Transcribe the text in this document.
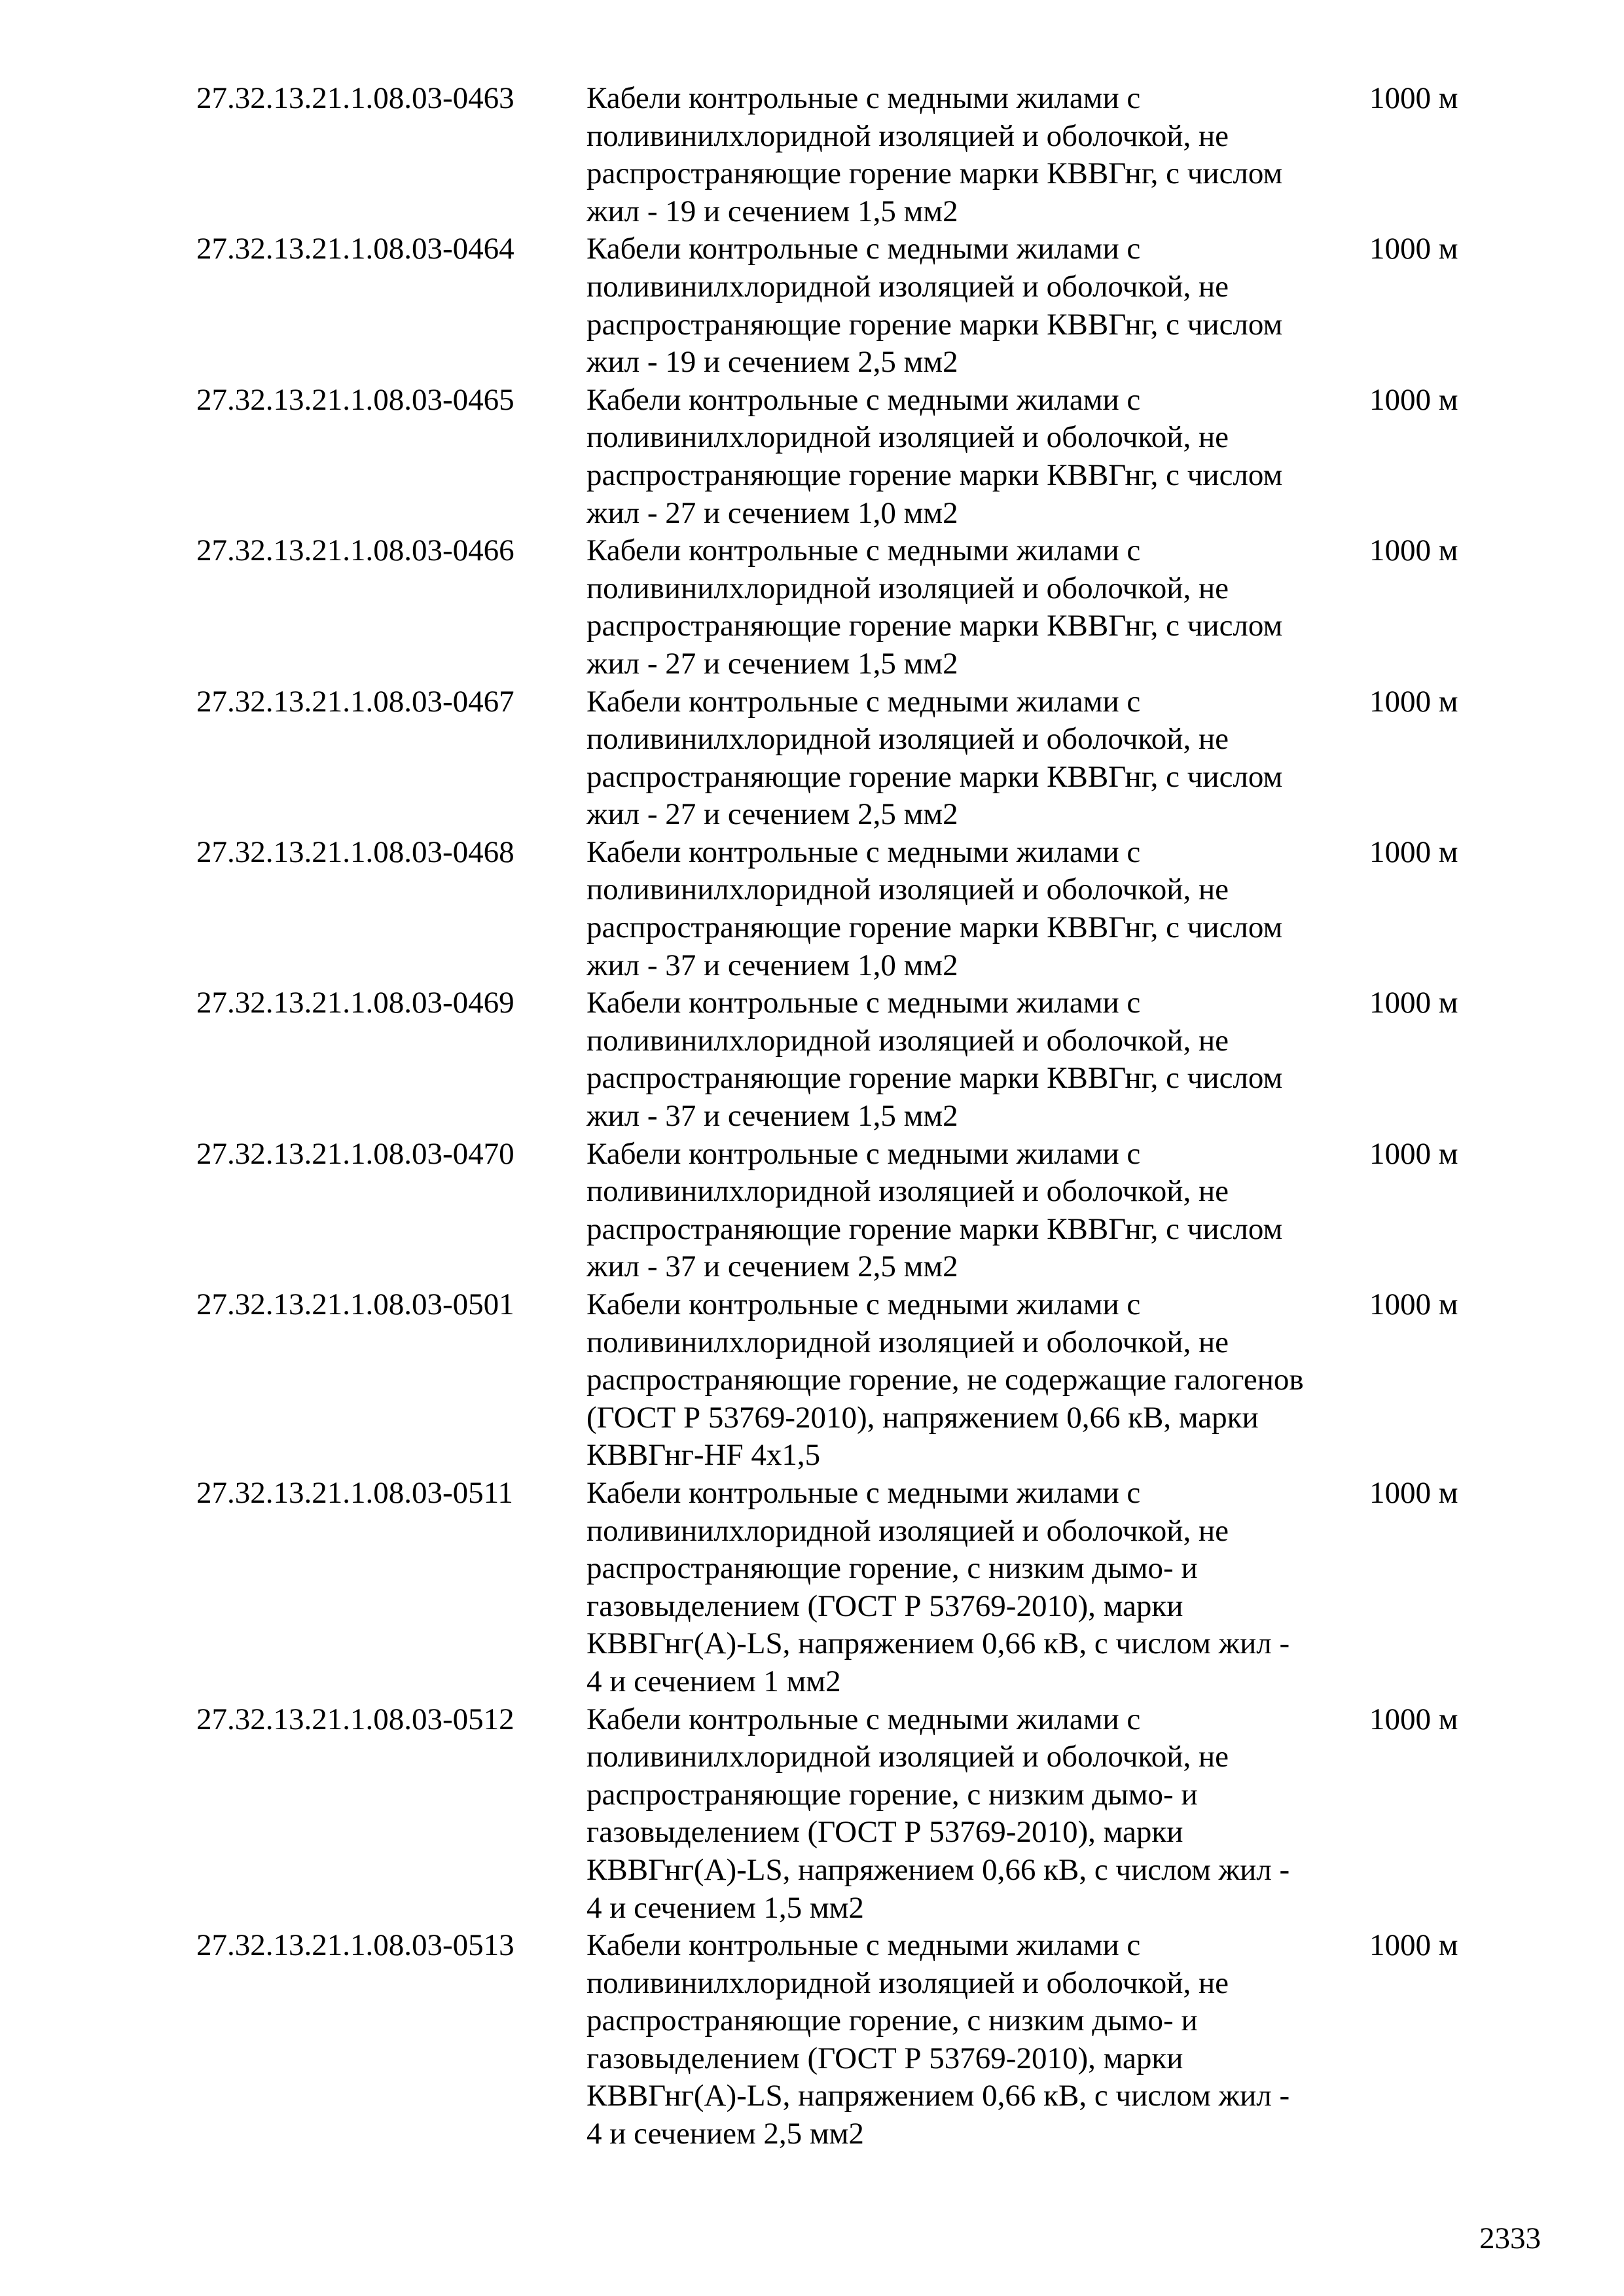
27.32.13.21.1.08.03-0463	Кабели контрольные с медными жилами с
поливинилхлоридной изоляцией и оболочкой, не
распространяющие горение марки КВВГнг, с числом
жил - 19 и сечением 1,5 мм2
1000 м
27.32.13.21.1.08.03-0464	Кабели контрольные с медными жилами с
поливинилхлоридной изоляцией и оболочкой, не
распространяющие горение марки КВВГнг, с числом
жил - 19 и сечением 2,5 мм2
1000 м
27.32.13.21.1.08.03-0465	Кабели контрольные с медными жилами с
поливинилхлоридной изоляцией и оболочкой, не
распространяющие горение марки КВВГнг, с числом
жил - 27 и сечением 1,0 мм2
1000 м
27.32.13.21.1.08.03-0466	Кабели контрольные с медными жилами с
поливинилхлоридной изоляцией и оболочкой, не
распространяющие горение марки КВВГнг, с числом
жил - 27 и сечением 1,5 мм2
1000 м
27.32.13.21.1.08.03-0467	Кабели контрольные с медными жилами с
поливинилхлоридной изоляцией и оболочкой, не
распространяющие горение марки КВВГнг, с числом
жил - 27 и сечением 2,5 мм2
1000 м
27.32.13.21.1.08.03-0468	Кабели контрольные с медными жилами с
поливинилхлоридной изоляцией и оболочкой, не
распространяющие горение марки КВВГнг, с числом
жил - 37 и сечением 1,0 мм2
1000 м
27.32.13.21.1.08.03-0469	Кабели контрольные с медными жилами с
поливинилхлоридной изоляцией и оболочкой, не
распространяющие горение марки КВВГнг, с числом
жил - 37 и сечением 1,5 мм2
1000 м
27.32.13.21.1.08.03-0470	Кабели контрольные с медными жилами с
поливинилхлоридной изоляцией и оболочкой, не
распространяющие горение марки КВВГнг, с числом
жил - 37 и сечением 2,5 мм2
1000 м
27.32.13.21.1.08.03-0501	Кабели контрольные с медными жилами с
поливинилхлоридной изоляцией и оболочкой, не
распространяющие горение, не содержащие галогенов
(ГОСТ Р 53769-2010), напряжением 0,66 кВ, марки
КВВГнг-HF 4х1,5
1000 м
27.32.13.21.1.08.03-0511	Кабели контрольные с медными жилами с
поливинилхлоридной изоляцией и оболочкой, не
распространяющие горение, с низким дымо- и
газовыделением (ГОСТ Р 53769-2010), марки
КВВГнг(А)-LS, напряжением 0,66 кВ, с числом жил -
4 и сечением 1 мм2
1000 м
27.32.13.21.1.08.03-0512	Кабели контрольные с медными жилами с
поливинилхлоридной изоляцией и оболочкой, не
распространяющие горение, с низким дымо- и
газовыделением (ГОСТ Р 53769-2010), марки
КВВГнг(А)-LS, напряжением 0,66 кВ, с числом жил -
4 и сечением 1,5 мм2
1000 м
27.32.13.21.1.08.03-0513	Кабели контрольные с медными жилами с
поливинилхлоридной изоляцией и оболочкой, не
распространяющие горение, с низким дымо- и
газовыделением (ГОСТ Р 53769-2010), марки
КВВГнг(А)-LS, напряжением 0,66 кВ, с числом жил -
4 и сечением 2,5 мм2
1000 м
2333
